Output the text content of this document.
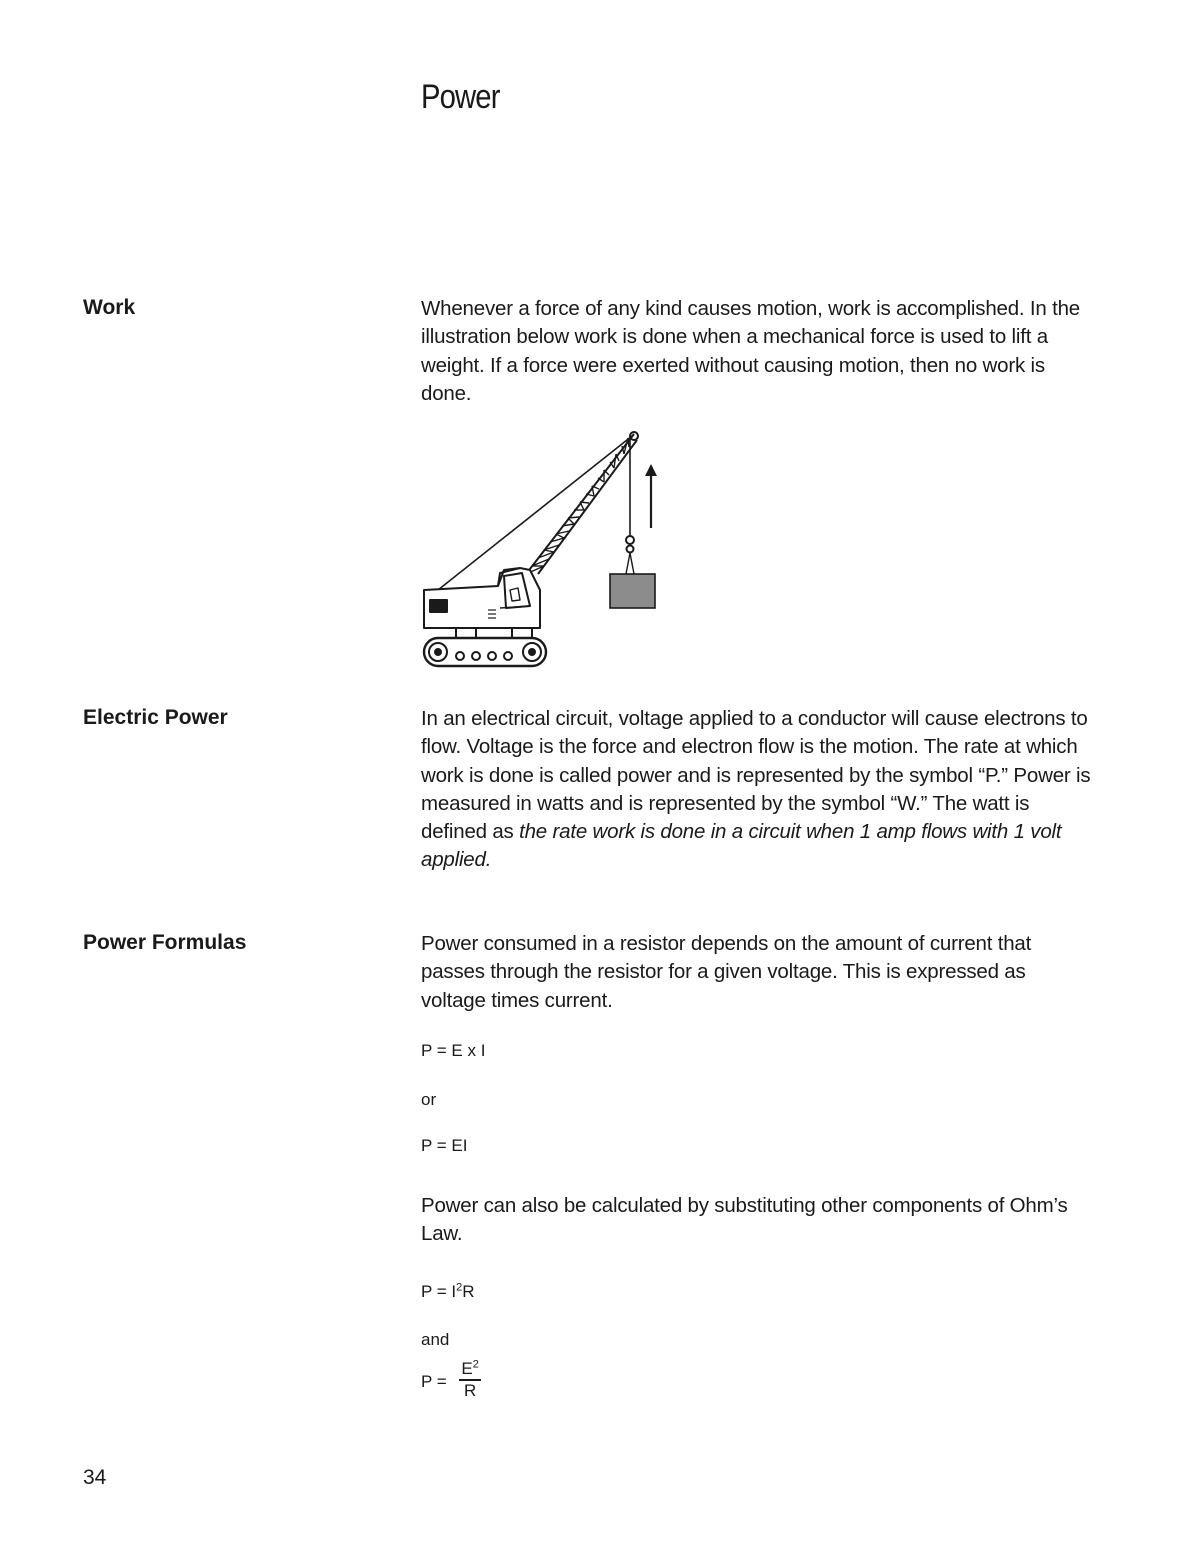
Power
Work	Whenever a force of any kind causes motion, work is accomplished. In the illustration below work is done when a mechanical force is used to lift a weight. If a force were exerted without causing motion, then no work is done.
Electric Power	In an electrical circuit, voltage applied to a conductor will cause electrons to flow. Voltage is the force and electron flow is the motion. The rate at which work is done is called power and is represented by the symbol “P.” Power is measured in watts and is represented by the symbol “W.” The watt is defined as the rate work is done in a circuit when 1 amp flows with 1 volt applied.
Power Formulas	Power consumed in a resistor depends on the amount of current that passes through the resistor for a given voltage. This is expressed as voltage times current.
P = E x I
or
P = EI
Power can also be calculated by substituting other components of Ohm’s Law.
$P = I^2R$
and
$P = \frac{E^2}{R}$
34
